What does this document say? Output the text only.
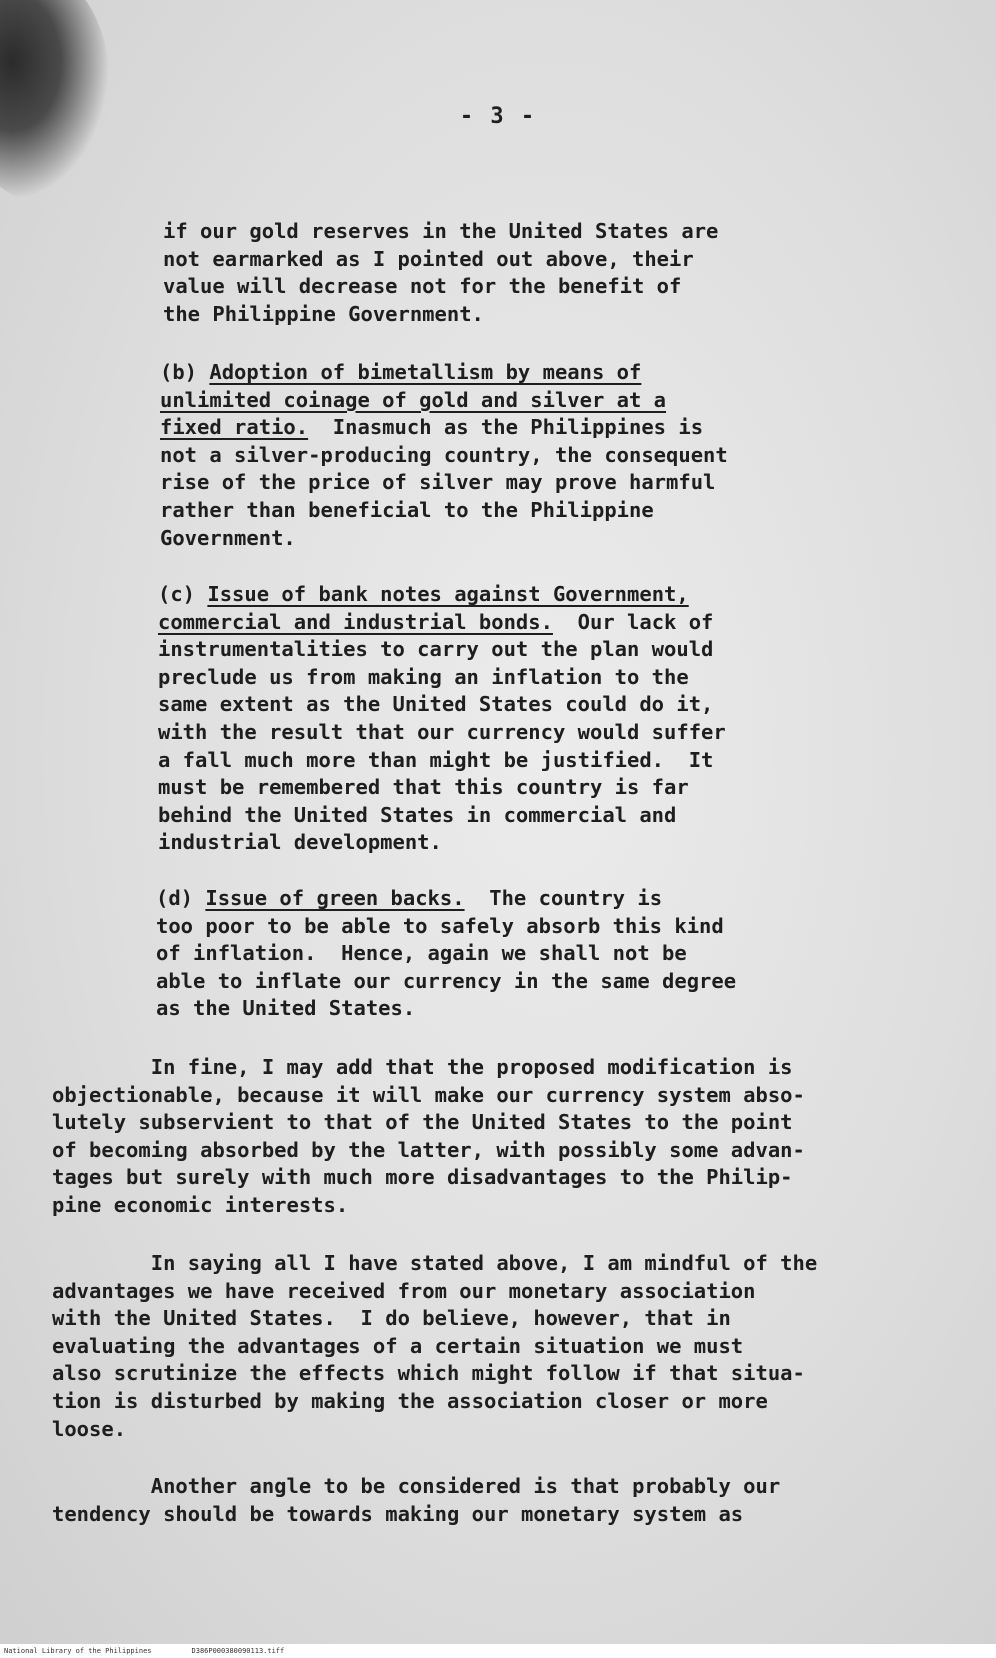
- 3 -

if our gold reserves in the United States are
not earmarked as I pointed out above, their
value will decrease not for the benefit of
the Philippine Government.

(b) Adoption of bimetallism by means of
unlimited coinage of gold and silver at a
fixed ratio.  Inasmuch as the Philippines is
not a silver-producing country, the consequent
rise of the price of silver may prove harmful
rather than beneficial to the Philippine
Government.

(c) Issue of bank notes against Government,
commercial and industrial bonds.  Our lack of
instrumentalities to carry out the plan would
preclude us from making an inflation to the
same extent as the United States could do it,
with the result that our currency would suffer
a fall much more than might be justified.  It
must be remembered that this country is far
behind the United States in commercial and
industrial development.

(d) Issue of green backs.  The country is
too poor to be able to safely absorb this kind
of inflation.  Hence, again we shall not be
able to inflate our currency in the same degree
as the United States.

In fine, I may add that the proposed modification is
objectionable, because it will make our currency system abso-
lutely subservient to that of the United States to the point
of becoming absorbed by the latter, with possibly some advan-
tages but surely with much more disadvantages to the Philip-
pine economic interests.

In saying all I have stated above, I am mindful of the
advantages we have received from our monetary association
with the United States.  I do believe, however, that in
evaluating the advantages of a certain situation we must
also scrutinize the effects which might follow if that situa-
tion is disturbed by making the association closer or more
loose.

Another angle to be considered is that probably our
tendency should be towards making our monetary system as

National Library of the Philippines	D386P000380090113.tiff
